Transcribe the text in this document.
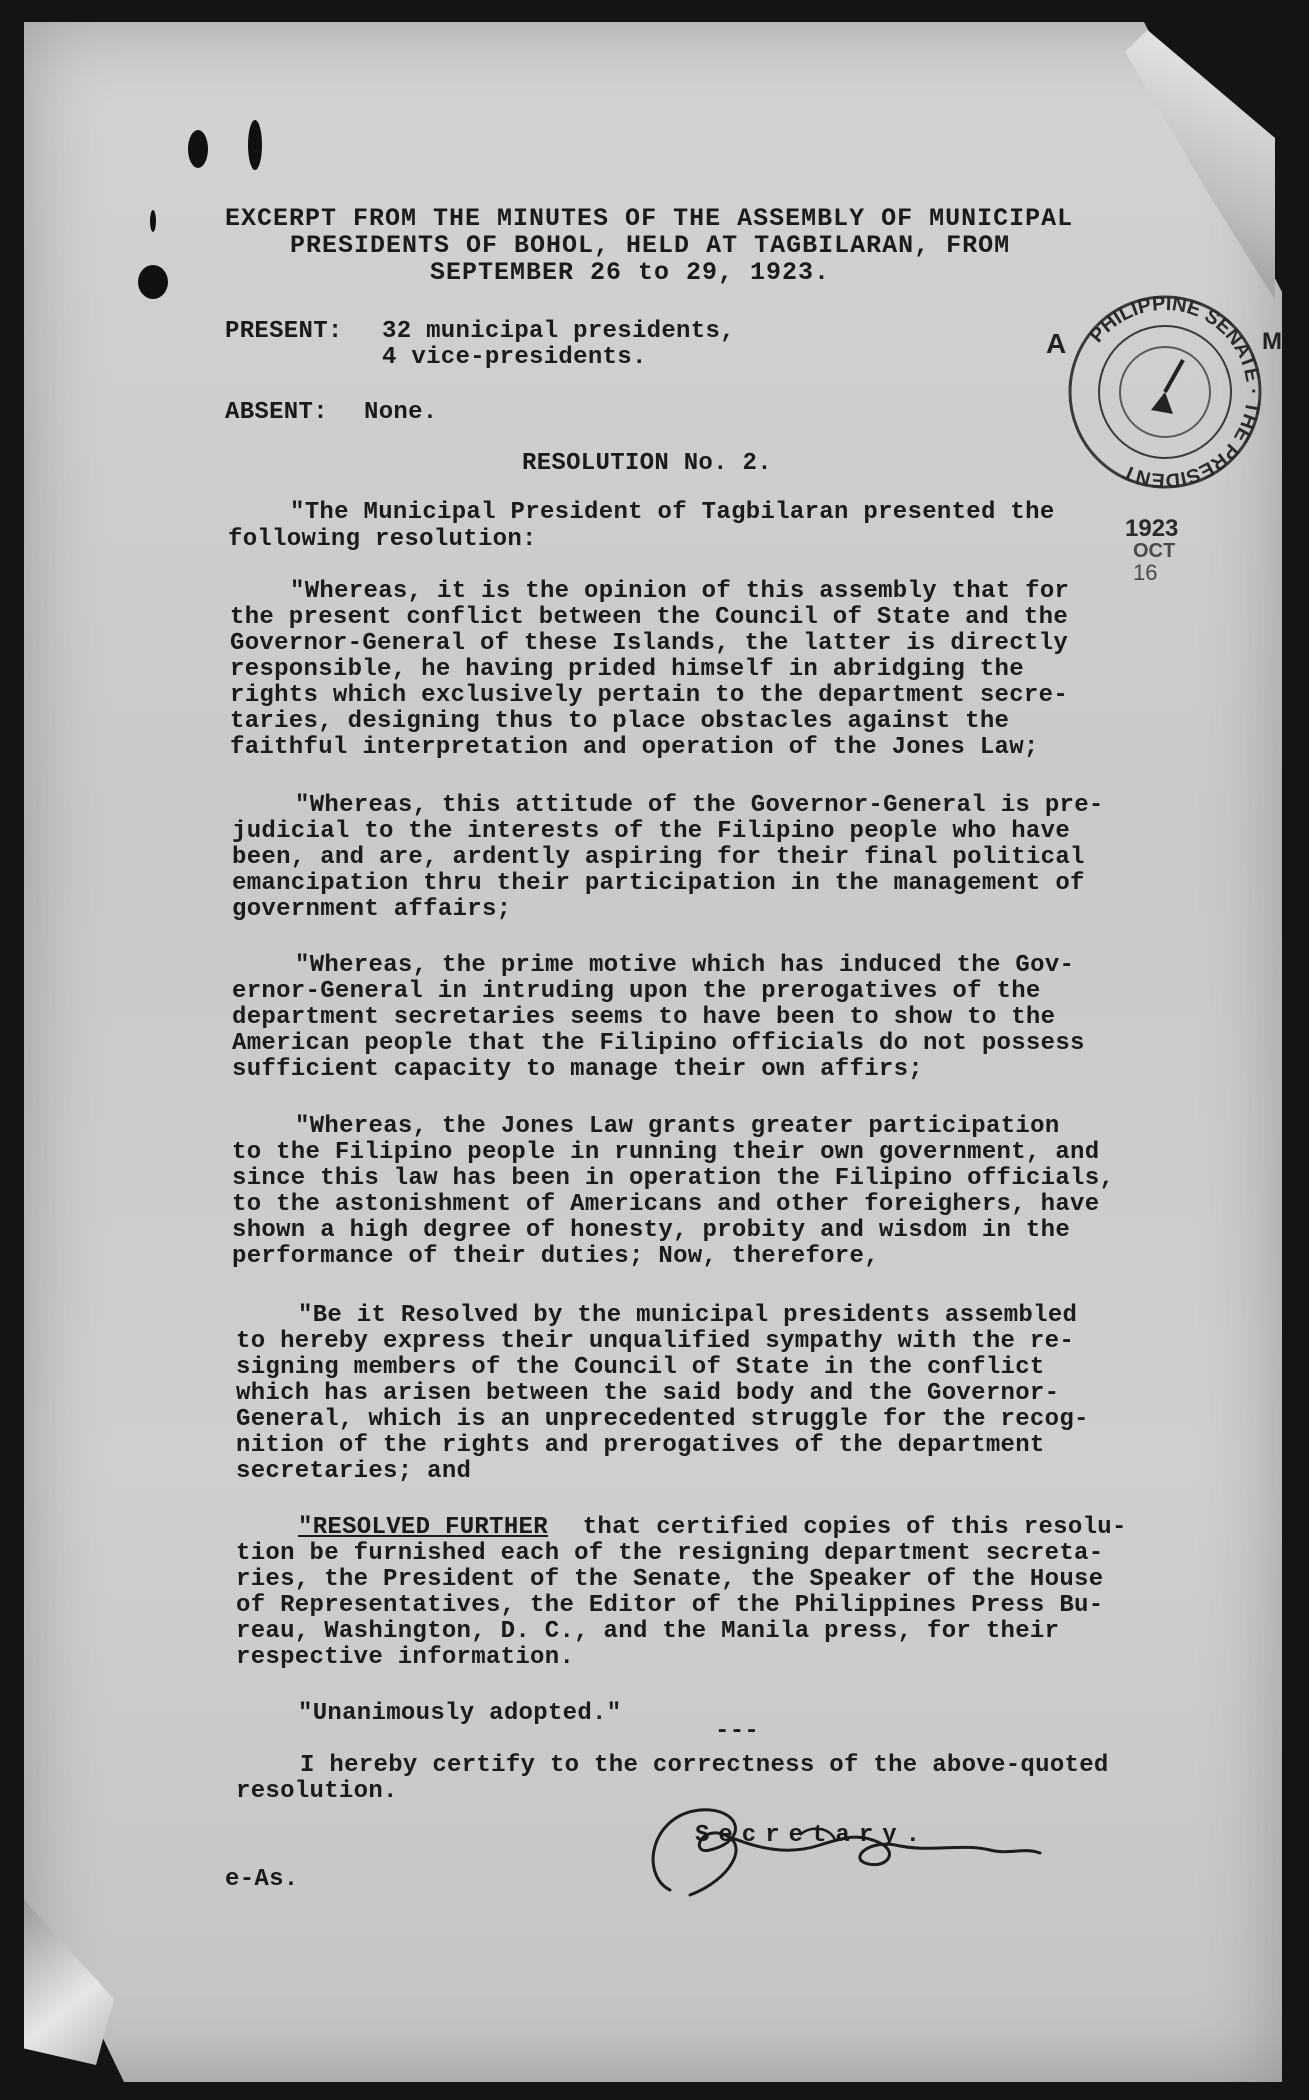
EXCERPT FROM THE MINUTES OF THE ASSEMBLY OF MUNICIPAL
PRESIDENTS OF BOHOL, HELD AT TAGBILARAN, FROM
SEPTEMBER 26 to 29, 1923.
PRESENT: 32 municipal presidents,
4 vice-presidents.
ABSENT: None.
RESOLUTION No. 2.
"The Municipal President of Tagbilaran presented the
following resolution:
"Whereas, it is the opinion of this assembly that for
the present conflict between the Council of State and the
Governor-General of these Islands, the latter is directly
responsible, he having prided himself in abridging the
rights which exclusively pertain to the department secre-
taries, designing thus to place obstacles against the
faithful interpretation and operation of the Jones Law;
"Whereas, this attitude of the Governor-General is pre-
judicial to the interests of the Filipino people who have
been, and are, ardently aspiring for their final political
emancipation thru their participation in the management of
government affairs;
"Whereas, the prime motive which has induced the Gov-
ernor-General in intruding upon the prerogatives of the
department secretaries seems to have been to show to the
American people that the Filipino officials do not possess
sufficient capacity to manage their own affirs;
"Whereas, the Jones Law grants greater participation
to the Filipino people in running their own government, and
since this law has been in operation the Filipino officials,
to the astonishment of Americans and other foreighers, have
shown a high degree of honesty, probity and wisdom in the
performance of their duties; Now, therefore,
"Be it Resolved by the municipal presidents assembled
to hereby express their unqualified sympathy with the re-
signing members of the Council of State in the conflict
which has arisen between the said body and the Governor-
General, which is an unprecedented struggle for the recog-
nition of the rights and prerogatives of the department
secretaries; and
"RESOLVED FURTHER that certified copies of this resolu-
tion be furnished each of the resigning department secreta-
ries, the President of the Senate, the Speaker of the House
of Representatives, the Editor of the Philippines Press Bu-
reau, Washington, D. C., and the Manila press, for their
respective information.
"Unanimously adopted."
---
I hereby certify to the correctness of the above-quoted
resolution.
Secretary.
e-As.
PHILIPPINE SENATE · THE PRESIDENT
A	M
1923
OCT
16
